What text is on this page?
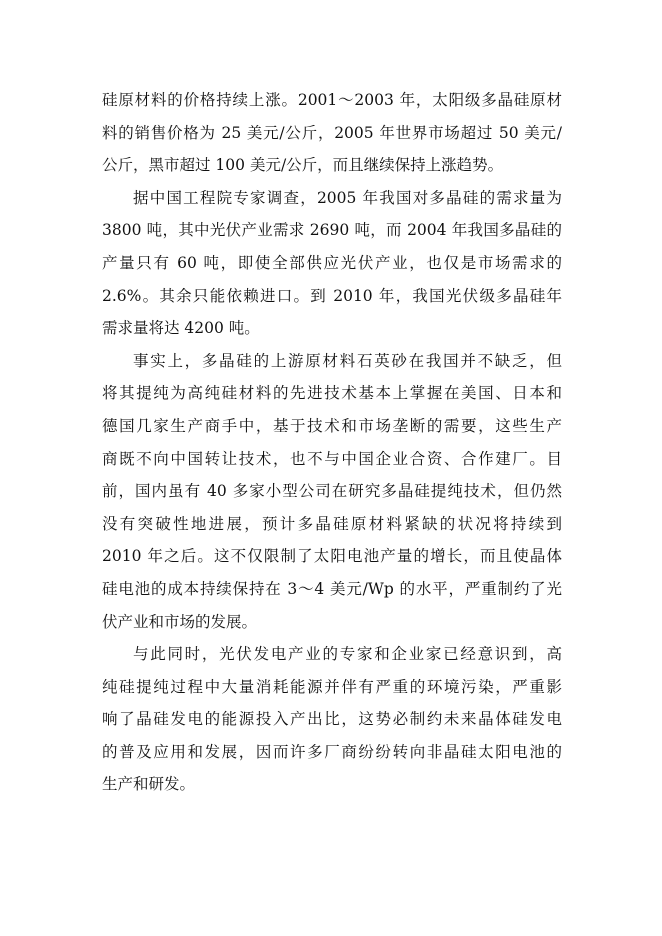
硅原材料的价格持续上涨。2001～2003 年，太阳级多晶硅原材
料的销售价格为 25 美元/公斤，2005 年世界市场超过 50 美元/
公斤，黑市超过 100 美元/公斤，而且继续保持上涨趋势。
据中国工程院专家调查，2005 年我国对多晶硅的需求量为
3800 吨，其中光伏产业需求 2690 吨，而 2004 年我国多晶硅的
产量只有 60 吨，即使全部供应光伏产业，也仅是市场需求的
2.6%。其余只能依赖进口。到 2010 年，我国光伏级多晶硅年
需求量将达 4200 吨。
事实上，多晶硅的上游原材料石英砂在我国并不缺乏，但
将其提纯为高纯硅材料的先进技术基本上掌握在美国、日本和
德国几家生产商手中，基于技术和市场垄断的需要，这些生产
商既不向中国转让技术，也不与中国企业合资、合作建厂。目
前，国内虽有 40 多家小型公司在研究多晶硅提纯技术，但仍然
没有突破性地进展，预计多晶硅原材料紧缺的状况将持续到
2010 年之后。这不仅限制了太阳电池产量的增长，而且使晶体
硅电池的成本持续保持在 3～4 美元/Wp 的水平，严重制约了光
伏产业和市场的发展。
与此同时，光伏发电产业的专家和企业家已经意识到，高
纯硅提纯过程中大量消耗能源并伴有严重的环境污染，严重影
响了晶硅发电的能源投入产出比，这势必制约未来晶体硅发电
的普及应用和发展，因而许多厂商纷纷转向非晶硅太阳电池的
生产和研发。
